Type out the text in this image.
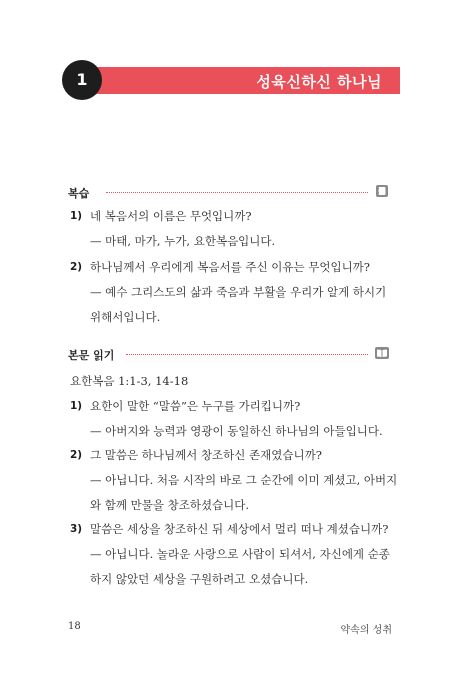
성육신하신 하나님
1
복습
1) 네 복음서의 이름은 무엇입니까?
— 마태, 마가, 누가, 요한복음입니다.
2) 하나님께서 우리에게 복음서를 주신 이유는 무엇입니까?
— 예수 그리스도의 삶과 죽음과 부활을 우리가 알게 하시기
위해서입니다.
본문 읽기
요한복음 1:1-3, 14-18
1) 요한이 말한 “말씀”은 누구를 가리킵니까?
— 아버지와 능력과 영광이 동일하신 하나님의 아들입니다.
2) 그 말씀은 하나님께서 창조하신 존재였습니까?
— 아닙니다. 처음 시작의 바로 그 순간에 이미 계셨고, 아버지
와 함께 만물을 창조하셨습니다.
3) 말씀은 세상을 창조하신 뒤 세상에서 멀리 떠나 계셨습니까?
— 아닙니다. 놀라운 사랑으로 사람이 되셔서, 자신에게 순종
하지 않았던 세상을 구원하려고 오셨습니다.
18	약속의 성취
